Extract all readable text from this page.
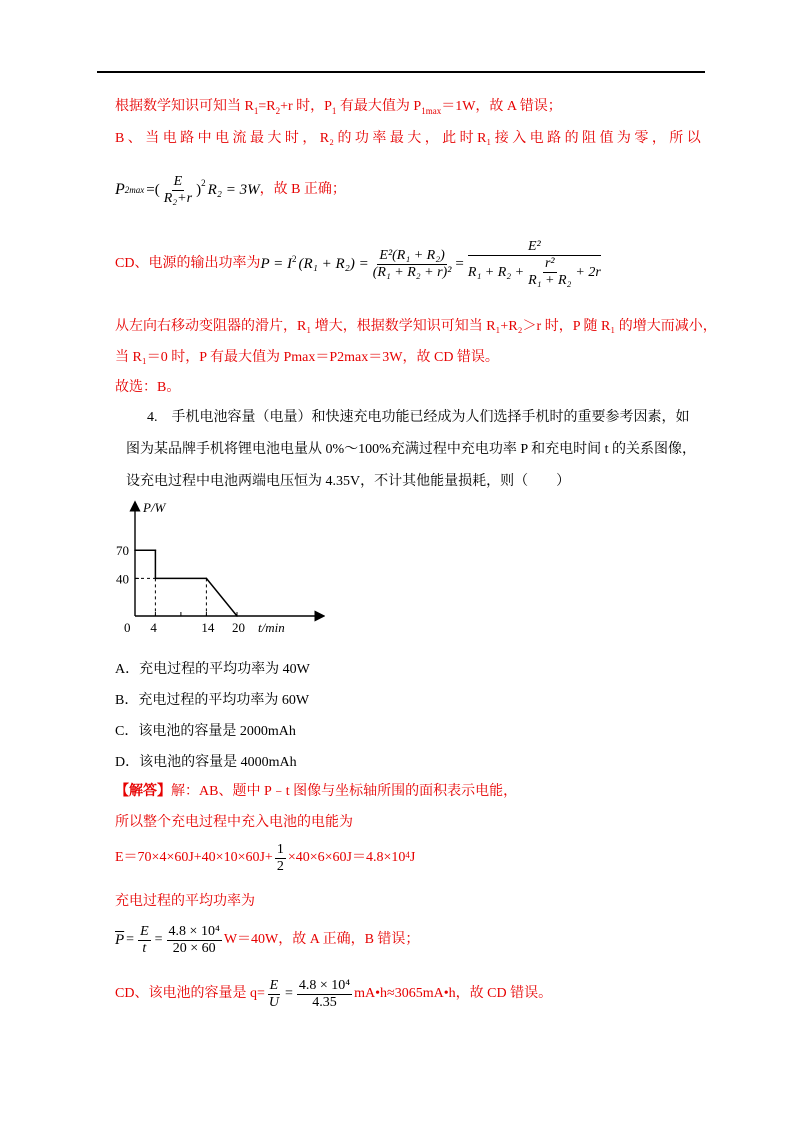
根据数学知识可知当 $R_1=R_2+r$ 时，$P_1$ 有最大值为 $P_{1max}=1W$，故 A 错误；
B 、 当 电 路 中 电 流 最 大 时 ， R₂ 的 功 率 最 大 ， 此 时 R₁ 接 入 电 路 的 阻 值 为 零 ， 所 以
P 2max =( $\frac{E}{\text{R₂+r}} )^2$ R₂ = 3W ，故 B 正确；
CD、电源的输出功率为 $P = I^2$ $(R_1 + R_2) = \frac{\text{E²(R₁ + R₂)}}{\text{(R₁ + R₂ + r)²}} = \frac{\text{E²}}{R_1 + R_2 + \frac{\text{r²}}{\text{R₁ + R₂}} + 2r}$
从左向右移动变阻器的滑片，R₁ 增大，根据数学知识可知当 R₁+R₂＞r 时，P 随 R₁ 的增大而减小，
当 R₁＝0 时，P 有最大值为 Pmax＝P2max＝3W，故 CD 错误。
故选：B。
4.　手机电池容量（电量）和快速充电功能已经成为人们选择手机时的重要参考因素，如
图为某品牌手机将锂电池电量从 0%～100%充满过程中充电功率 P 和充电时间 t 的关系图像，
设充电过程中电池两端电压恒为 4.35V，不计其他能量损耗，则（　　）
0 4	14 20
40
70
P/W
t/min
A．充电过程的平均功率为 40W
B．充电过程的平均功率为 60W
C．该电池的容量是 2000mAh
D．该电池的容量是 4000mAh
【解答】解：AB、题中 P﹣t 图像与坐标轴所围的面积表示电能，
所以整个充电过程中充入电池的电能为
$E=70\times 4\times 60J+40\times 10\times 60J+ \frac{1}{2} \times 40\times 6\times 60J=4.8\times 10^4$ J
充电过程的平均功率为
$\overline{P} = \frac{E}{t} = \frac{\text{4.8 × 10⁴}}{20 \times 60} W=40W$，故 A 正确，B 错误；
CD、该电池的容量是 $q= \frac{E}{U} = \frac{\text{4.8 × 10⁴}}{4.35}$ mA•h≈3065mA•h，故 CD 错误。
